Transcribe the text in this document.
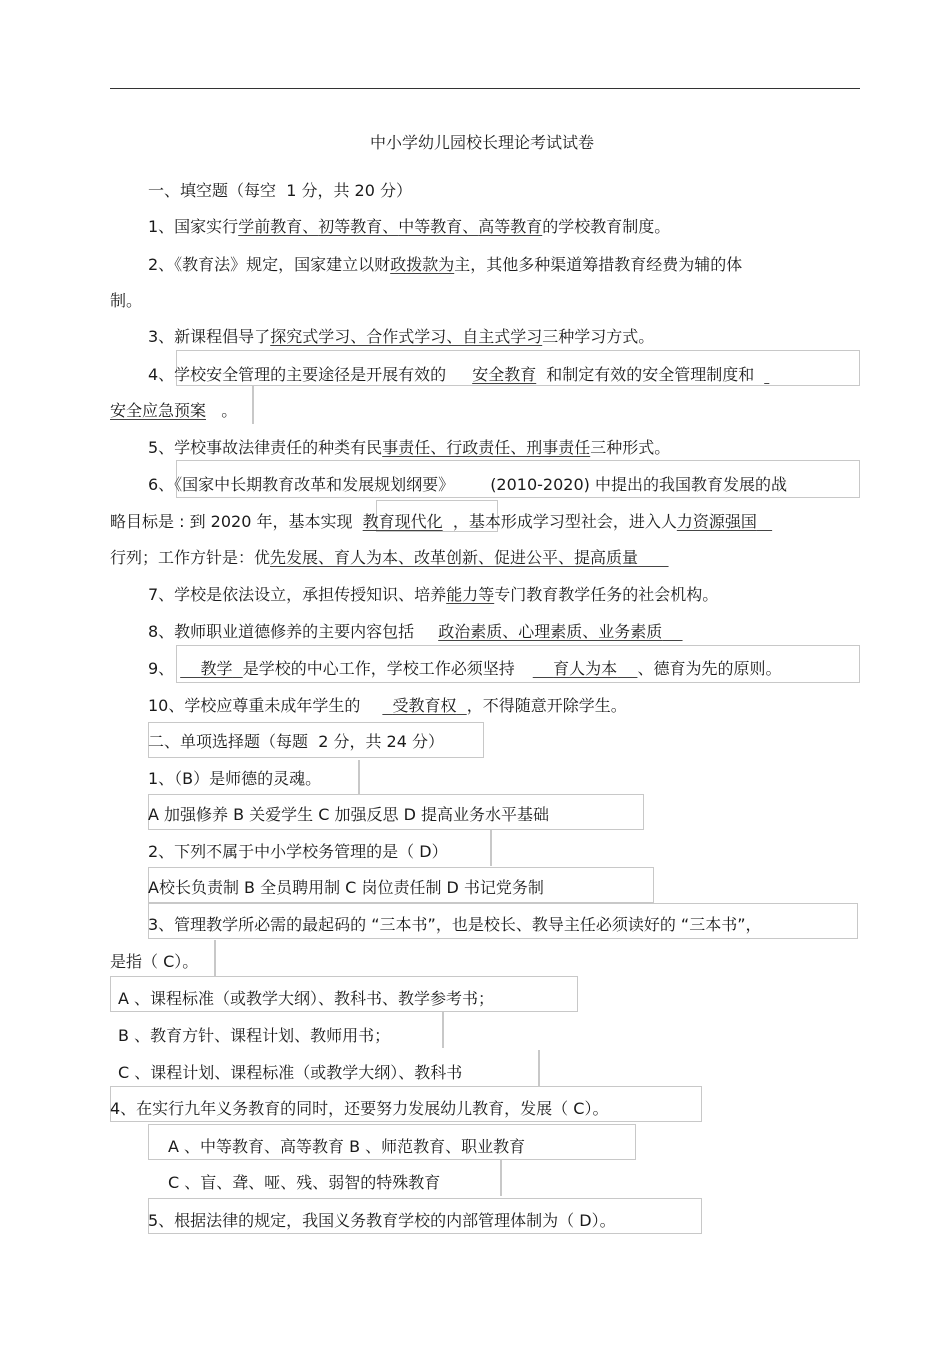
中小学幼儿园校长理论考试试卷
一、填空题（每空 1 分，共 20 分）
1、国家实行学前教育、初等教育、中等教育、高等教育的学校教育制度。
2、《教育法》规定，国家建立以财政拨款为主，其他多种渠道筹措教育经费为辅的体
制。
3、新课程倡导了探究式学习、合作式学习、自主式学习三种学习方式。
4、学校安全管理的主要途径是开展有效的 安全教育 和制定有效的安全管理制度和
安全应急预案 。
5、学校事故法律责任的种类有民事责任、行政责任、刑事责任三种形式。
6、《国家中长期教育改革和发展规划纲要》 (2010-2020) 中提出的我国教育发展的战
略目标是 : 到 2020 年，基本实现 教育现代化 ，基本形成学习型社会，进入人力资源强国
行列；工作方针是：优先发展、育人为本、改革创新、促进公平、提高质量
7、学校是依法设立，承担传授知识、培养能力等专门教育教学任务的社会机构。
8、教师职业道德修养的主要内容包括 政治素质、心理素质、业务素质
9、 教学 是学校的中心工作，学校工作必须坚持 育人为本 、德育为先的原则。
10、学校应尊重未成年学生的 受教育权 ，不得随意开除学生。
二、单项选择题（每题 2 分，共 24 分）
1、（B）是师德的灵魂。
A 加强修养 B 关爱学生 C 加强反思 D 提高业务水平基础
2、下列不属于中小学校务管理的是（ D）
A校长负责制 B 全员聘用制 C 岗位责任制 D 书记党务制
3、管理教学所必需的最起码的 “三本书”，也是校长、教导主任必须读好的 “三本书”，
是指（ C）。
A 、课程标准（或教学大纲）、教科书、教学参考书；
B 、教育方针、课程计划、教师用书；
C 、课程计划、课程标准（或教学大纲）、教科书
4、在实行九年义务教育的同时，还要努力发展幼儿教育，发展（ C）。
A 、中等教育、高等教育 B 、师范教育、职业教育
C 、盲、聋、哑、残、弱智的特殊教育
5、根据法律的规定，我国义务教育学校的内部管理体制为（ D）。
